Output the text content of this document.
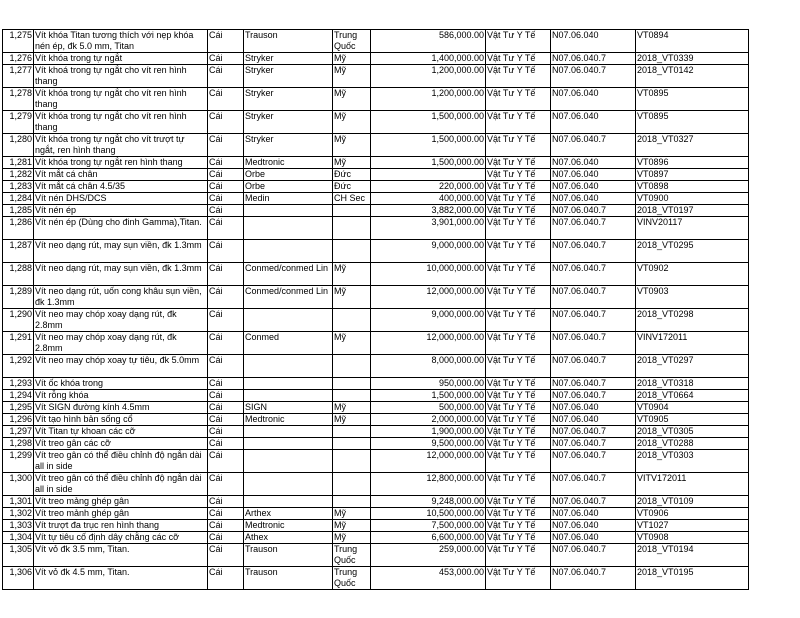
1,275	Vít khóa Titan tương thích với nẹp khóa nén ép, đk 5.0 mm, Titan	Cái	Trauson	Trung Quốc	586,000.00	Vật Tư Y Tế	N07.06.040	VT0894
1,276	Vít khóa trong tự ngắt	Cái	Stryker	Mỹ	1,400,000.00	Vật Tư Y Tế	N07.06.040.7	2018_VT0339
1,277	Vít khoá trong tự ngắt cho vít ren hình thang	Cái	Stryker	Mỹ	1,200,000.00	Vật Tư Y Tế	N07.06.040.7	2018_VT0142
1,278	Vít khóa trong tự ngắt cho vít ren hình thang	Cái	Stryker	Mỹ	1,200,000.00	Vật Tư Y Tế	N07.06.040	VT0895
1,279	Vít khóa trong tự ngắt cho vít ren hình thang	Cái	Stryker	Mỹ	1,500,000.00	Vật Tư Y Tế	N07.06.040	VT0895
1,280	Vít khóa trong tự ngắt cho vít trượt tự ngắt, ren hình thang	Cái	Stryker	Mỹ	1,500,000.00	Vật Tư Y Tế	N07.06.040.7	2018_VT0327
1,281	Vít khóa trong tự ngắt ren hình thang	Cái	Medtronic	Mỹ	1,500,000.00	Vật Tư Y Tế	N07.06.040	VT0896
1,282	Vít mắt cá chân	Cái	Orbe	Đức		Vật Tư Y Tế	N07.06.040	VT0897
1,283	Vít mắt cá chân 4.5/35	Cái	Orbe	Đức	220,000.00	Vật Tư Y Tế	N07.06.040	VT0898
1,284	Vít nén DHS/DCS	Cái	Medin	CH Sec	400,000.00	Vật Tư Y Tế	N07.06.040	VT0900
1,285	Vít nén ép	Cái			3,882,000.00	Vật Tư Y Tế	N07.06.040.7	2018_VT0197
1,286	Vít nén ép (Dùng cho đinh Gamma),Titan.	Cái			3,901,000.00	Vật Tư Y Tế	N07.06.040.7	VINV20117
1,287	Vít neo dạng rút, may sụn viền, đk 1.3mm	Cái			9,000,000.00	Vật Tư Y Tế	N07.06.040.7	2018_VT0295
1,288	Vít neo dạng rút, may sụn viền, đk 1.3mm	Cái	Conmed/conmed Lin	Mỹ	10,000,000.00	Vật Tư Y Tế	N07.06.040.7	VT0902
1,289	Vít neo dạng rút, uốn cong khâu sụn viền, đk 1.3mm	Cái	Conmed/conmed Lin	Mỹ	12,000,000.00	Vật Tư Y Tế	N07.06.040.7	VT0903
1,290	Vít neo may chóp xoay dạng rút, đk 2.8mm	Cái			9,000,000.00	Vật Tư Y Tế	N07.06.040.7	2018_VT0298
1,291	Vít neo may chóp xoay dạng rút, đk 2.8mm	Cái	Conmed	Mỹ	12,000,000.00	Vật Tư Y Tế	N07.06.040.7	VINV172011
1,292	Vít neo may chóp xoay tự tiêu, đk 5.0mm	Cái			8,000,000.00	Vật Tư Y Tế	N07.06.040.7	2018_VT0297
1,293	Vít ốc khóa trong	Cái			950,000.00	Vật Tư Y Tế	N07.06.040.7	2018_VT0318
1,294	Vít rỗng khóa	Cái			1,500,000.00	Vật Tư Y Tế	N07.06.040.7	2018_VT0664
1,295	Vít SIGN đường kính 4.5mm	Cái	SIGN	Mỹ	500,000.00	Vật Tư Y Tế	N07.06.040	VT0904
1,296	Vít tạo hình bản sống cổ	Cái	Medtronic	Mỹ	2,000,000.00	Vật Tư Y Tế	N07.06.040	VT0905
1,297	Vít Titan tự khoan các cỡ	Cái			1,900,000.00	Vật Tư Y Tế	N07.06.040.7	2018_VT0305
1,298	Vít treo gân các cỡ	Cái			9,500,000.00	Vật Tư Y Tế	N07.06.040.7	2018_VT0288
1,299	Vít treo gân có thể điều chỉnh độ ngắn dài all in side	Cái			12,000,000.00	Vật Tư Y Tế	N07.06.040.7	2018_VT0303
1,300	Vít treo gân có thể điều chỉnh độ ngắn dài all in side	Cái			12,800,000.00	Vật Tư Y Tế	N07.06.040.7	VITV172011
1,301	Vít treo mảng ghép gân	Cái			9,248,000.00	Vật Tư Y Tế	N07.06.040.7	2018_VT0109
1,302	Vít treo mảnh ghép gân	Cái	Arthex	Mỹ	10,500,000.00	Vật Tư Y Tế	N07.06.040	VT0906
1,303	Vít trượt đa trục ren hình thang	Cái	Medtronic	Mỹ	7,500,000.00	Vật Tư Y Tế	N07.06.040	VT1027
1,304	Vít tự tiêu cố định dây chằng các cỡ	Cái	Athex	Mỹ	6,600,000.00	Vật Tư Y Tế	N07.06.040	VT0908
1,305	Vít vỏ đk 3.5 mm, Titan.	Cái	Trauson	Trung Quốc	259,000.00	Vật Tư Y Tế	N07.06.040.7	2018_VT0194
1,306	Vít vỏ đk 4.5 mm, Titan.	Cái	Trauson	Trung Quốc	453,000.00	Vật Tư Y Tế	N07.06.040.7	2018_VT0195
